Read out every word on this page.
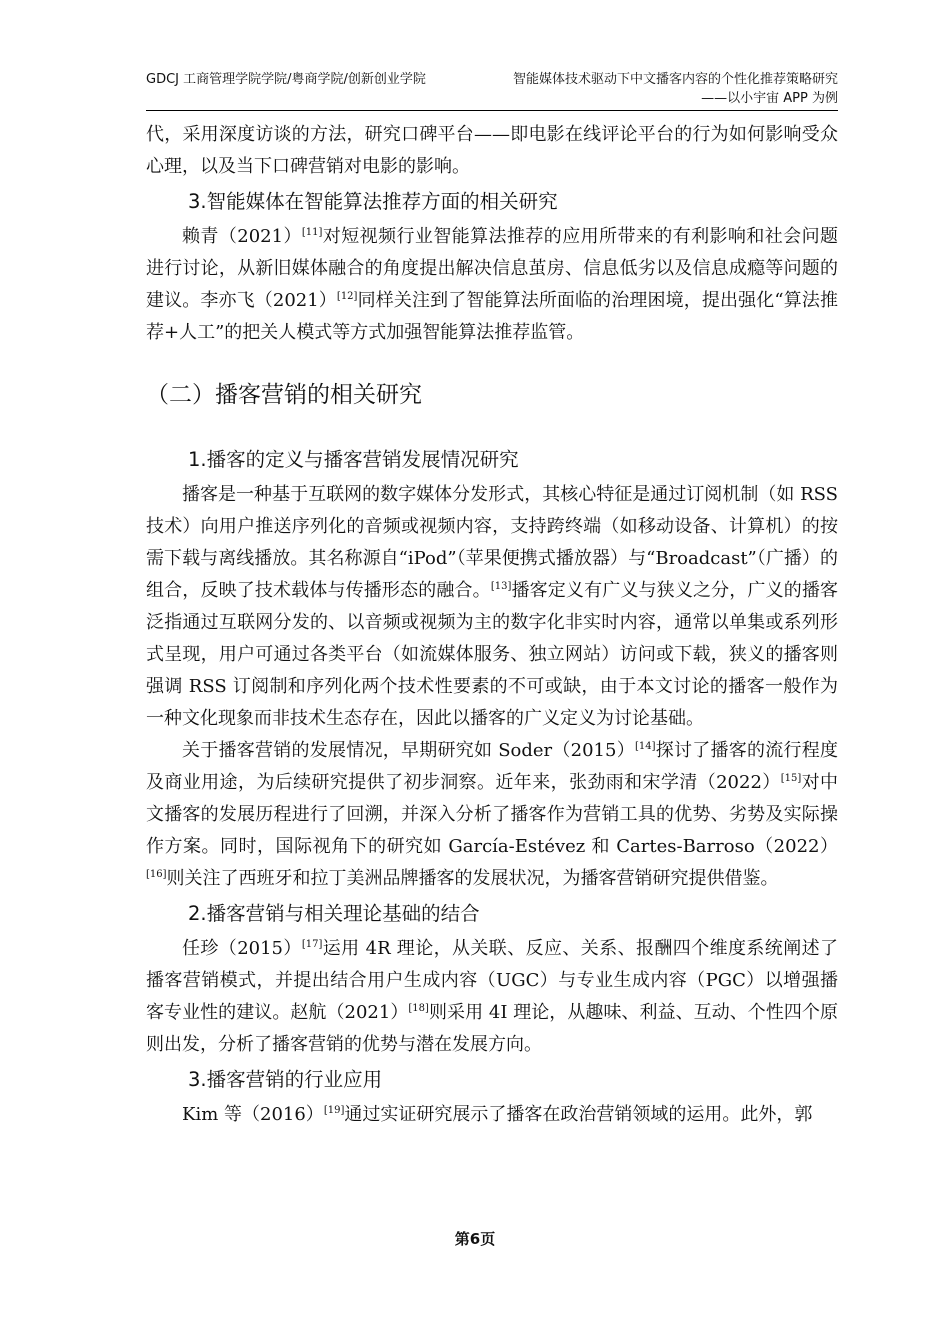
GDCJ 工商管理学院学院/粤商学院/创新创业学院	智能媒体技术驱动下中文播客内容的个性化推荐策略研究
——以小宇宙 APP 为例

代，采用深度访谈的方法，研究口碑平台——即电影在线评论平台的行为如何影响受众心理，以及当下口碑营销对电影的影响。

3.智能媒体在智能算法推荐方面的相关研究

赖青（2021）[11]对短视频行业智能算法推荐的应用所带来的有利影响和社会问题进行讨论，从新旧媒体融合的角度提出解决信息茧房、信息低劣以及信息成瘾等问题的建议。李亦飞（2021）[12]同样关注到了智能算法所面临的治理困境，提出强化“算法推荐+人工”的把关人模式等方式加强智能算法推荐监管。

（二）播客营销的相关研究
1.播客的定义与播客营销发展情况研究

播客是一种基于互联网的数字媒体分发形式，其核心特征是通过订阅机制（如 RSS 技术）向用户推送序列化的音频或视频内容，支持跨终端（如移动设备、计算机）的按需下载与离线播放。其名称源自“iPod”（苹果便携式播放器）与“Broadcast”（广播）的组合，反映了技术载体与传播形态的融合。[13]播客定义有广义与狭义之分，广义的播客泛指通过互联网分发的、以音频或视频为主的数字化非实时内容，通常以单集或系列形式呈现，用户可通过各类平台（如流媒体服务、独立网站）访问或下载，狭义的播客则强调 RSS 订阅制和序列化两个技术性要素的不可或缺，由于本文讨论的播客一般作为一种文化现象而非技术生态存在，因此以播客的广义定义为讨论基础。

关于播客营销的发展情况，早期研究如 Soder（2015）[14]探讨了播客的流行程度及商业用途，为后续研究提供了初步洞察。近年来，张劲雨和宋学清（2022）[15]对中文播客的发展历程进行了回溯，并深入分析了播客作为营销工具的优势、劣势及实际操作方案。同时，国际视角下的研究如 García-Estévez 和 Cartes-Barroso（2022）[16]则关注了西班牙和拉丁美洲品牌播客的发展状况，为播客营销研究提供借鉴。

2.播客营销与相关理论基础的结合

任珍（2015）[17]运用 4R 理论，从关联、反应、关系、报酬四个维度系统阐述了播客营销模式，并提出结合用户生成内容（UGC）与专业生成内容（PGC）以增强播客专业性的建议。赵航（2021）[18]则采用 4I 理论，从趣味、利益、互动、个性四个原则出发，分析了播客营销的优势与潜在发展方向。

3.播客营销的行业应用

Kim 等（2016）[19]通过实证研究展示了播客在政治营销领域的运用。此外，郭

第6页
